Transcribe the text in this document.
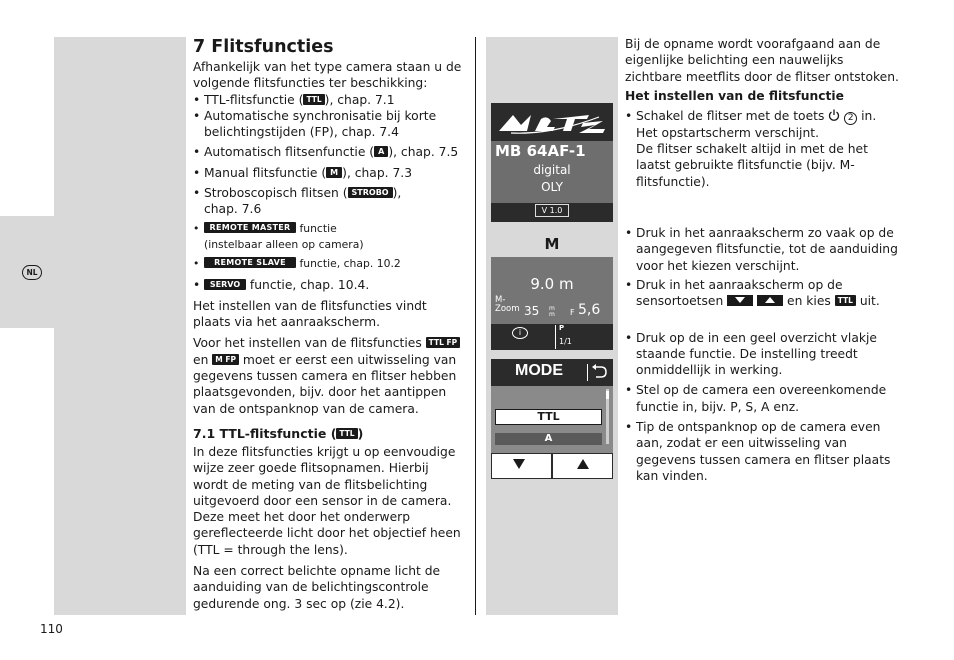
NL
7 Flitsfuncties

Afhankelijk van het type camera staan u de volgende flitsfuncties ter beschikking:

• TTL-flitsfunctie ( TTL ), chap. 7.1
• Automatische synchronisatie bij korte belichtingstijden (FP), chap. 7.4
• Automatisch flitsenfunctie ( A ), chap. 7.5
• Manual flitsfunctie ( M ), chap. 7.3
• Stroboscopisch flitsen ( STROBO ),
chap. 7.6
• REMOTE MASTER functie
(instelbaar alleen op camera)
• REMOTE SLAVE functie, chap. 10.2
• SERVO functie, chap. 10.4.

Het instellen van de flitsfuncties vindt plaats via het aanraakscherm.

Voor het instellen van de flitsfuncties TTL FP
en M FP moet er eerst een uitwisseling van gegevens tussen camera en flitser hebben plaatsgevonden, bijv. door het aantippen van de ontspanknop van de camera.

7.1 TTL-flitsfunctie ( TTL )

In deze flitsfuncties krijgt u op eenvoudige wijze zeer goede flitsopnamen. Hierbij wordt de meting van de flitsbelichting uitgevoerd door een sensor in de camera. Deze meet het door het onderwerp gereflecteerde licht door het objectief heen (TTL = through the lens).

Na een correct belichte opname licht de aanduiding van de belichtingscontrole gedurende ong. 3 sec op (zie 4.2).

MB 64AF-1
digital
OLY
V 1.0
M
9.0 m
M-
Zoom 35 m
m F 5,6
i	P
1/1
MODE
TTL
A

Bij de opname wordt voorafgaand aan de eigenlijke belichting een nauwelijks zichtbare meetflits door de flitser ontstoken.

Het instellen van de flitsfunctie
• Schakel de flitser met de toets	2 in.
Het opstartscherm verschijnt.
De flitser schakelt altijd in met de het laatst gebruikte flitsfunctie (bijv. M-flitsfunctie).
• Druk in het aanraakscherm zo vaak op de aangegeven flitsfunctie, tot de aanduiding voor het kiezen verschijnt.
• Druk in het aanraakscherm op de sensortoetsen
	en kies TTL uit.
• Druk op de in een geel overzicht vlakje staande functie. De instelling treedt onmiddellijk in werking.
• Stel op de camera een overeenkomende functie in, bijv. P, S, A enz.
• Tip de ontspanknop op de camera even aan, zodat er een uitwisseling van gegevens tussen camera en flitser plaats kan vinden.
110
